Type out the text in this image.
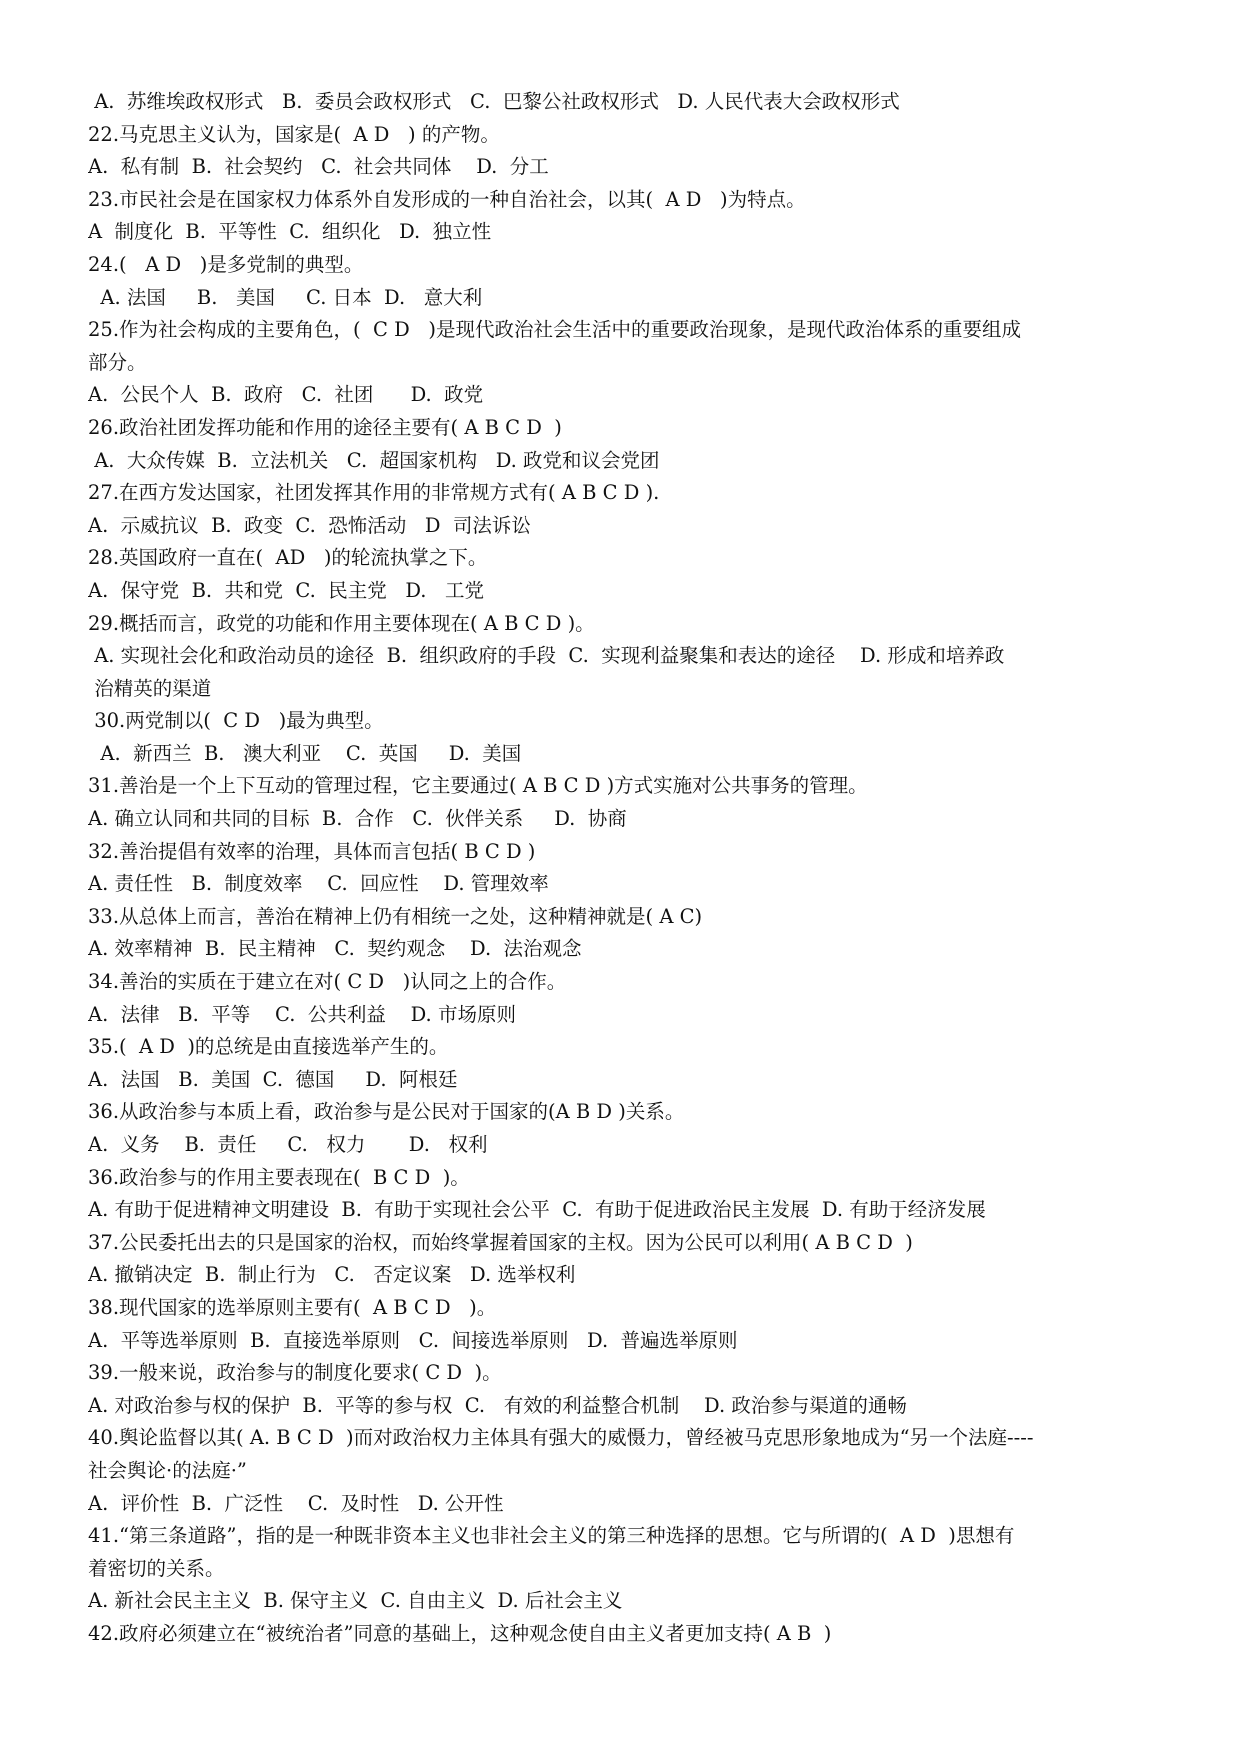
A.  苏维埃政权形式   B.  委员会政权形式   C.  巴黎公社政权形式   D. 人民代表大会政权形式
22.马克思主义认为，国家是(  A D   ) 的产物。
A.  私有制  B.  社会契约   C.  社会共同体    D.  分工
23.市民社会是在国家权力体系外自发形成的一种自治社会，以其(  A D   )为特点。
A  制度化  B.  平等性  C.  组织化   D.  独立性
24.(   A D   )是多党制的典型。
A. 法国     B.   美国     C. 日本  D.   意大利
25.作为社会构成的主要角色，(  C D   )是现代政治社会生活中的重要政治现象，是现代政治体系的重要组成
部分。
A.  公民个人  B.  政府   C.  社团      D.  政党
26.政治社团发挥功能和作用的途径主要有( A B C D  )
A.  大众传媒  B.  立法机关   C.  超国家机构   D. 政党和议会党团
27.在西方发达国家，社团发挥其作用的非常规方式有( A B C D ).
A.  示威抗议  B.  政变  C.  恐怖活动   D  司法诉讼
28.英国政府一直在(  AD   )的轮流执掌之下。
A.  保守党  B.  共和党  C.  民主党   D.   工党
29.概括而言，政党的功能和作用主要体现在( A B C D )。
A. 实现社会化和政治动员的途径  B.  组织政府的手段  C.  实现利益聚集和表达的途径    D. 形成和培养政
治精英的渠道
30.两党制以(  C D   )最为典型。
A.  新西兰  B.   澳大利亚    C.  英国     D.  美国
31.善治是一个上下互动的管理过程，它主要通过( A B C D )方式实施对公共事务的管理。
A. 确立认同和共同的目标  B.  合作   C.  伙伴关系     D.  协商
32.善治提倡有效率的治理，具体而言包括( B C D )
A. 责任性   B.  制度效率    C.  回应性    D. 管理效率
33.从总体上而言，善治在精神上仍有相统一之处，这种精神就是( A C)
A. 效率精神  B.  民主精神   C.  契约观念    D.  法治观念
34.善治的实质在于建立在对( C D   )认同之上的合作。
A.  法律   B.  平等    C.  公共利益    D. 市场原则
35.(  A D  )的总统是由直接选举产生的。
A.  法国   B.  美国  C.  德国     D.  阿根廷
36.从政治参与本质上看，政治参与是公民对于国家的(A B D )关系。
A.  义务    B.  责任     C.   权力       D.   权利
36.政治参与的作用主要表现在(  B C D  )。
A. 有助于促进精神文明建设  B.  有助于实现社会公平  C.  有助于促进政治民主发展  D. 有助于经济发展
37.公民委托出去的只是国家的治权，而始终掌握着国家的主权。因为公民可以利用( A B C D  )
A. 撤销决定  B.  制止行为   C.   否定议案   D. 选举权利
38.现代国家的选举原则主要有(  A B C D   )。
A.  平等选举原则  B.  直接选举原则   C.  间接选举原则   D.  普遍选举原则
39.一般来说，政治参与的制度化要求( C D  )。
A. 对政治参与权的保护  B.  平等的参与权  C.   有效的利益整合机制    D. 政治参与渠道的通畅
40.舆论监督以其( A. B C D  )而对政治权力主体具有强大的威慑力，曾经被马克思形象地成为“另一个法庭----
社会舆论·的法庭·”
A.  评价性  B.  广泛性    C.  及时性   D. 公开性
41.“第三条道路”，指的是一种既非资本主义也非社会主义的第三种选择的思想。它与所谓的(  A D  )思想有
着密切的关系。
A. 新社会民主主义  B. 保守主义  C. 自由主义  D. 后社会主义
42.政府必须建立在“被统治者”同意的基础上，这种观念使自由主义者更加支持( A B  )
